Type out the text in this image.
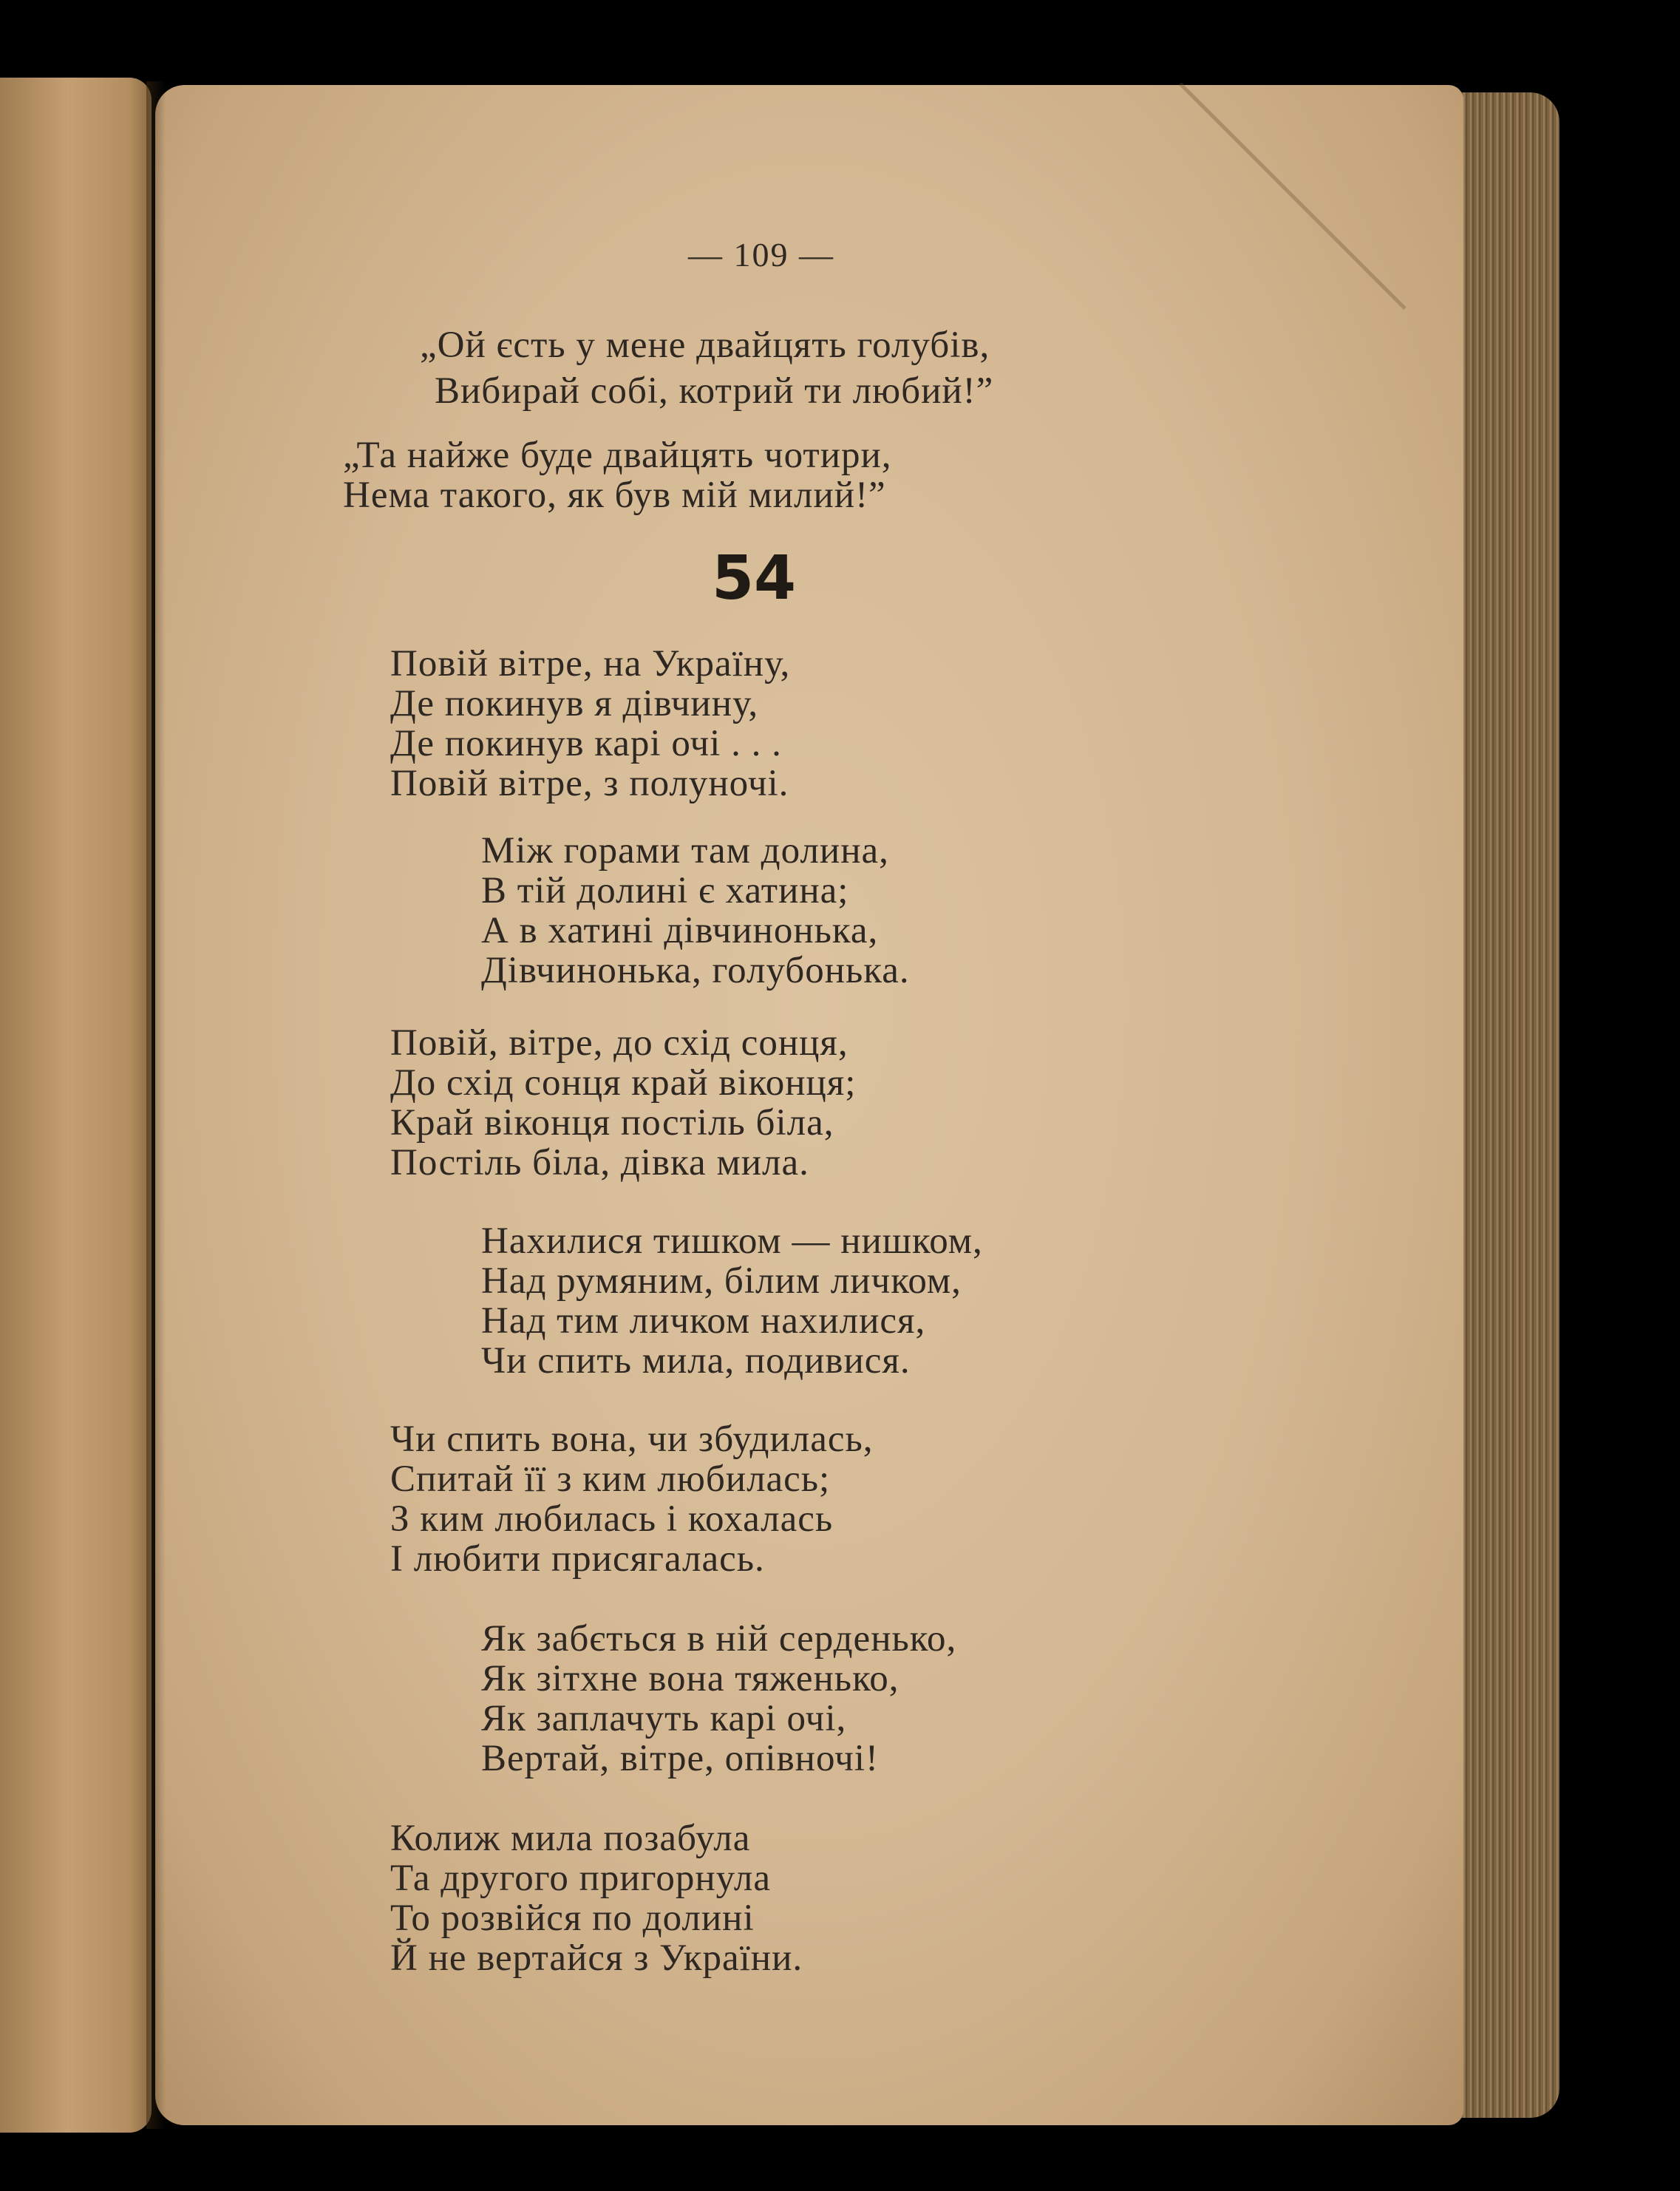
— 109 —
„Ой єсть у мене двайцять голубів,
Вибирай собі, котрий ти любий!”
„Та найже буде двайцять чотири,
Нема такого, як був мій милий!”
54
Повій вітре, на Україну,
Де покинув я дівчину,
Де покинув карі очі . . .
Повій вітре, з полуночі.
Між горами там долина,
В тій долині є хатина;
А в хатині дівчинонька,
Дівчинонька, голубонька.
Повій, вітре, до схід сонця,
До схід сонця край віконця;
Край віконця постіль біла,
Постіль біла, дівка мила.
Нахилися тишком — нишком,
Над румяним, білим личком,
Над тим личком нахилися,
Чи спить мила, подивися.
Чи спить вона, чи збудилась,
Спитай її з ким любилась;
З ким любилась і кохалась
І любити присягалась.
Як забється в ній серденько,
Як зітхне вона тяженько,
Як заплачуть карі очі,
Вертай, вітре, опівночі!
Колиж мила позабула
Та другого пригорнула
То розвійся по долині
Й не вертайся з України.
